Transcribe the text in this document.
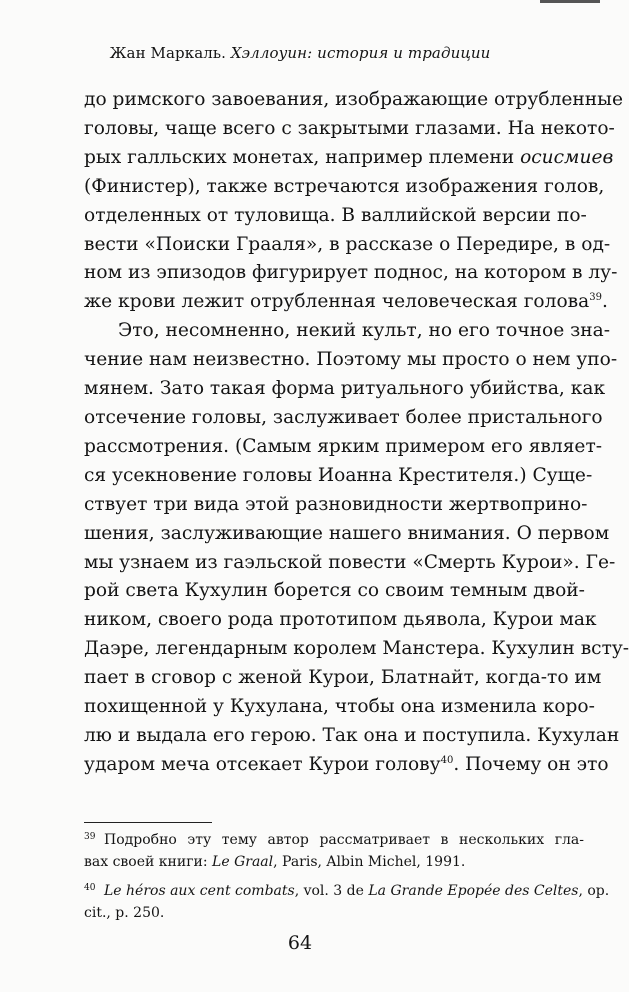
Жан Маркаль. Хэллоуин: история и традиции
до римского завоевания, изображающие отрубленные
головы, чаще всего с закрытыми глазами. На некото-
рых галльских монетах, например племени осисмиев
(Финистер), также встречаются изображения голов,
отделенных от туловища. В валлийской версии по-
вести «Поиски Грааля», в рассказе о Передире, в од-
ном из эпизодов фигурирует поднос, на котором в лу-
же крови лежит отрубленная человеческая голова$^{39}$.
Это, несомненно, некий культ, но его точное зна-
чение нам неизвестно. Поэтому мы просто о нем упо-
мянем. Зато такая форма ритуального убийства, как
отсечение головы, заслуживает более пристального
рассмотрения. (Самым ярким примером его являет-
ся усекновение головы Иоанна Крестителя.) Суще-
ствует три вида этой разновидности жертвоприно-
шения, заслуживающие нашего внимания. О первом
мы узнаем из гаэльской повести «Смерть Курои». Ге-
рой света Кухулин борется со своим темным двой-
ником, своего рода прототипом дьявола, Курои мак
Даэре, легендарным королем Манстера. Кухулин всту-
пает в сговор с женой Курои, Блатнайт, когда-то им
похищенной у Кухулана, чтобы она изменила коро-
лю и выдала его герою. Так она и поступила. Кухулан
ударом меча отсекает Курои голову$^{40}$. Почему он это
39 Подробно эту тему автор рассматривает в нескольких гла-
вах своей книги: Le Graal, Paris, Albin Michel, 1991.
40 Le héros aux cent combats, vol. 3 de La Grande Epopée des Celtes, op.
cit., p. 250.
64
